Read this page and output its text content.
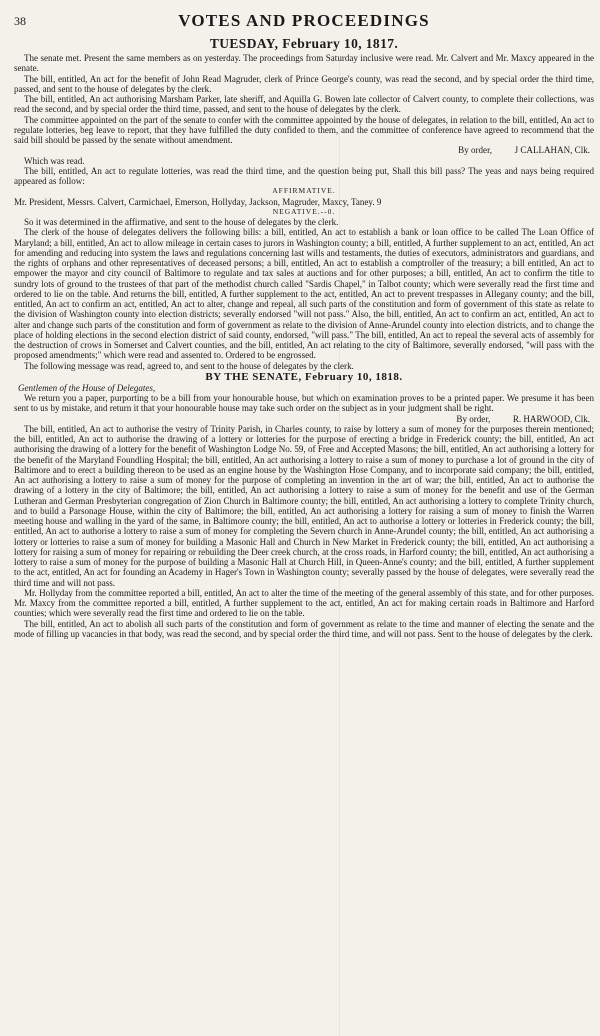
38	VOTES AND PROCEEDINGS
TUESDAY, February 10, 1817.

The senate met. Present the same members as on yesterday. The proceedings from Saturday inclusive were read. Mr. Calvert and Mr. Maxcy appeared in the senate.

The bill, entitled, An act for the benefit of John Read Magruder, clerk of Prince George's county, was read the second, and by special order the third time, passed, and sent to the house of delegates by the clerk.

The bill, entitled, An act authorising Marsham Parker, late sheriff, and Aquilla G. Bowen late collector of Calvert county, to complete their collections, was read the second, and by special order the third time, passed, and sent to the house of delegates by the clerk.

The committee appointed on the part of the senate to confer with the committee appointed by the house of delegates, in relation to the bill, entitled, An act to regulate lotteries, beg leave to report, that they have fulfilled the duty confided to them, and the committee of conference have agreed to recommend that the said bill should be passed by the senate without amendment.

By order,          J CALLAHAN, Clk.

Which was read.

The bill, entitled, An act to regulate lotteries, was read the third time, and the question being put, Shall this bill pass? The yeas and nays being required appeared as follow:

AFFIRMATIVE.

Mr. President, Messrs. Calvert, Carmichael, Emerson, Hollyday, Jackson, Magruder, Maxcy, Taney. 9

NEGATIVE.--0.

So it was determined in the affirmative, and sent to the house of delegates by the clerk.

The clerk of the house of delegates delivers the following bills: a bill, entitled, An act to establish a bank or loan office to be called The Loan Office of Maryland; a bill, entitled, An act to allow mileage in certain cases to jurors in Washington county; a bill, entitled, A further supplement to an act, entitled, An act for amending and reducing into system the laws and regulations concerning last wills and testaments, the duties of executors, administrators and guardians, and the rights of orphans and other representatives of deceased persons; a bill, entitled, An act to establish a comptroller of the treasury; a bill entitled, An act to empower the mayor and city council of Baltimore to regulate and tax sales at auctions and for other purposes; a bill, entitled, An act to confirm the title to sundry lots of ground to the trustees of that part of the methodist church called "Sardis Chapel," in Talbot county; which were severally read the first time and ordered to lie on the table. And returns the bill, entitled, A further supplement to the act, entitled, An act to prevent trespasses in Allegany county; and the bill, entitled, An act to confirm an act, entitled, An act to alter, change and repeal, all such parts of the constitution and form of government of this state as relate to the division of Washington county into election districts; severally endorsed "will not pass." Also, the bill, entitled, An act to confirm an act, entitled, An act to alter and change such parts of the constitution and form of government as relate to the division of Anne-Arundel county into election districts, and to change the place of holding elections in the second election district of said county, endorsed, "will pass." The bill, entitled, An act to repeal the several acts of assembly for the destruction of crows in Somerset and Calvert counties, and the bill, entitled, An act relating to the city of Baltimore, severally endorsed, "will pass with the proposed amendments;" which were read and assented to. Ordered to be engrossed.

The following message was read, agreed to, and sent to the house of delegates by the clerk.

BY THE SENATE, February 10, 1818.

Gentlemen of the House of Delegates,

We return you a paper, purporting to be a bill from your honourable house, but which on examination proves to be a printed paper. We presume it has been sent to us by mistake, and return it that your honourable house may take such order on the subject as in your judgment shall be right.

By order,          R. HARWOOD, Clk.

The bill, entitled, An act to authorise the vestry of Trinity Parish, in Charles county, to raise by lottery a sum of money for the purposes therein mentioned; the bill, entitled, An act to authorise the drawing of a lottery or lotteries for the purpose of erecting a bridge in Frederick county; the bill, entitled, An act authorising the drawing of a lottery for the benefit of Washington Lodge No. 59, of Free and Accepted Masons; the bill, entitled, An act authorising a lottery for the benefit of the Maryland Foundling Hospital; the bill, entitled, An act authorising a lottery to raise a sum of money to purchase a lot of ground in the city of Baltimore and to erect a building thereon to be used as an engine house by the Washington Hose Company, and to incorporate said company; the bill, entitled, An act authorising a lottery to raise a sum of money for the purpose of completing an invention in the art of war; the bill, entitled, An act to authorise the drawing of a lottery in the city of Baltimore; the bill, entitled, An act authorising a lottery to raise a sum of money for the benefit and use of the German Lutheran and German Presbyterian congregation of Zion Church in Baltimore county; the bill, entitled, An act authorising a lottery to complete Trinity church, and to build a Parsonage House, within the city of Baltimore; the bill, entitled, An act authorising a lottery for raising a sum of money to finish the Warren meeting house and walling in the yard of the same, in Baltimore county; the bill, entitled, An act to authorise a lottery or lotteries in Frederick county; the bill, entitled, An act to authorise a lottery to raise a sum of money for completing the Severn church in Anne-Arundel county; the bill, entitled, An act authorising a lottery or lotteries to raise a sum of money for building a Masonic Hall and Church in New Market in Frederick county; the bill, entitled, An act authorising a lottery for raising a sum of money for repairing or rebuilding the Deer creek church, at the cross roads, in Harford county; the bill, entitled, An act authorising a lottery to raise a sum of money for the purpose of building a Masonic Hall at Church Hill, in Queen-Anne's county; and the bill, entitled, A further supplement to the act, entitled, An act for founding an Academy in Hager's Town in Washington county; severally passed by the house of delegates, were severally read the third time and will not pass.

Mr. Hollyday from the committee reported a bill, entitled, An act to alter the time of the meeting of the general assembly of this state, and for other purposes. Mr. Maxcy from the committee reported a bill, entitled, A further supplement to the act, entitled, An act for making certain roads in Baltimore and Harford counties; which were severally read the first time and ordered to lie on the table.

The bill, entitled, An act to abolish all such parts of the constitution and form of government as relate to the time and manner of electing the senate and the mode of filling up vacancies in that body, was read the second, and by special order the third time, and will not pass. Sent to the house of delegates by the clerk.
